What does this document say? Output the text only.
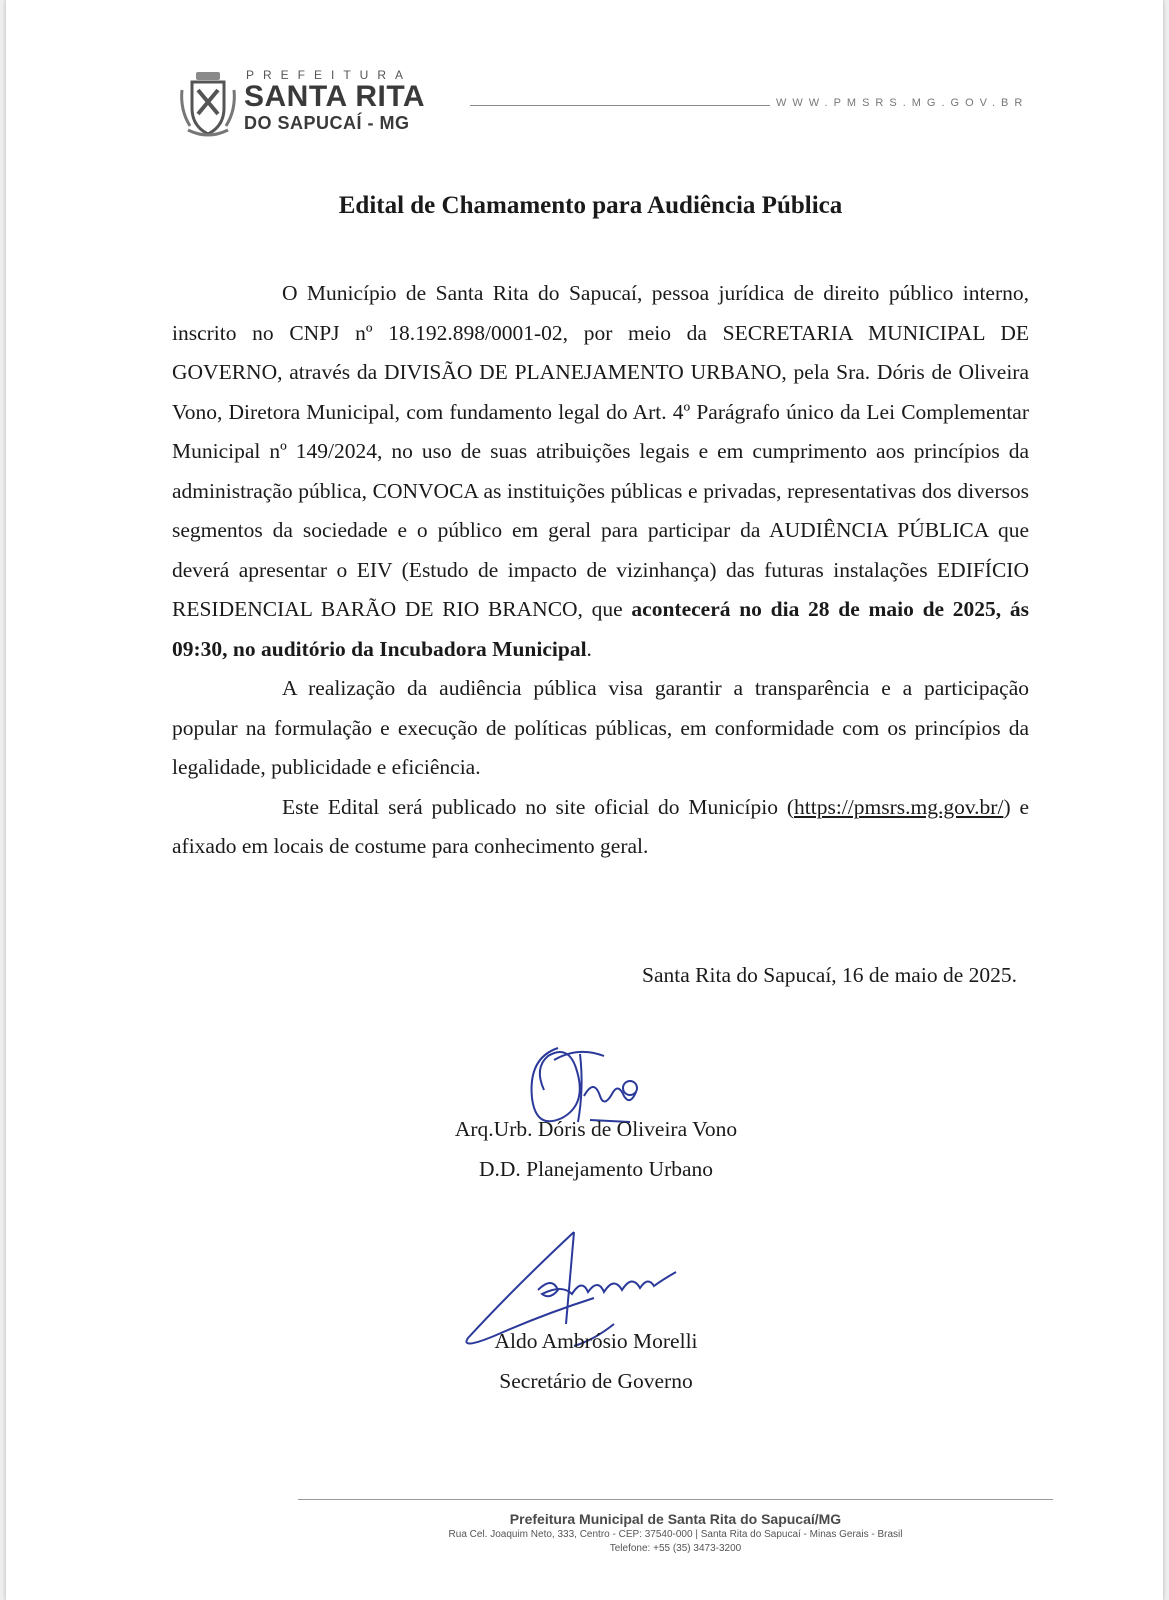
PREFEITURA
SANTA RITA
DO SAPUCAÍ - MG
WWW.PMSRS.MG.GOV.BR
Edital de Chamamento para Audiência Pública

O Município de Santa Rita do Sapucaí, pessoa jurídica de direito público interno, inscrito no CNPJ nº 18.192.898/0001-02, por meio da SECRETARIA MUNICIPAL DE GOVERNO, através da DIVISÃO DE PLANEJAMENTO URBANO, pela Sra. Dóris de Oliveira Vono, Diretora Municipal, com fundamento legal do Art. 4º Parágrafo único da Lei Complementar Municipal nº 149/2024, no uso de suas atribuições legais e em cumprimento aos princípios da administração pública, CONVOCA as instituições públicas e privadas, representativas dos diversos segmentos da sociedade e o público em geral para participar da AUDIÊNCIA PÚBLICA que deverá apresentar o EIV (Estudo de impacto de vizinhança) das futuras instalações EDIFÍCIO RESIDENCIAL BARÃO DE RIO BRANCO, que acontecerá no dia 28 de maio de 2025, ás 09:30, no auditório da Incubadora Municipal.

A realização da audiência pública visa garantir a transparência e a participação popular na formulação e execução de políticas públicas, em conformidade com os princípios da legalidade, publicidade e eficiência.

Este Edital será publicado no site oficial do Município (https://pmsrs.mg.gov.br/) e afixado em locais de costume para conhecimento geral.

Santa Rita do Sapucaí, 16 de maio de 2025.
Arq.Urb. Dóris de Oliveira Vono
D.D. Planejamento Urbano
Aldo Ambrósio Morelli
Secretário de Governo
Prefeitura Municipal de Santa Rita do Sapucaí/MG
Rua Cel. Joaquim Neto, 333, Centro - CEP: 37540-000 | Santa Rita do Sapucaí - Minas Gerais - Brasil
Telefone: +55 (35) 3473-3200
